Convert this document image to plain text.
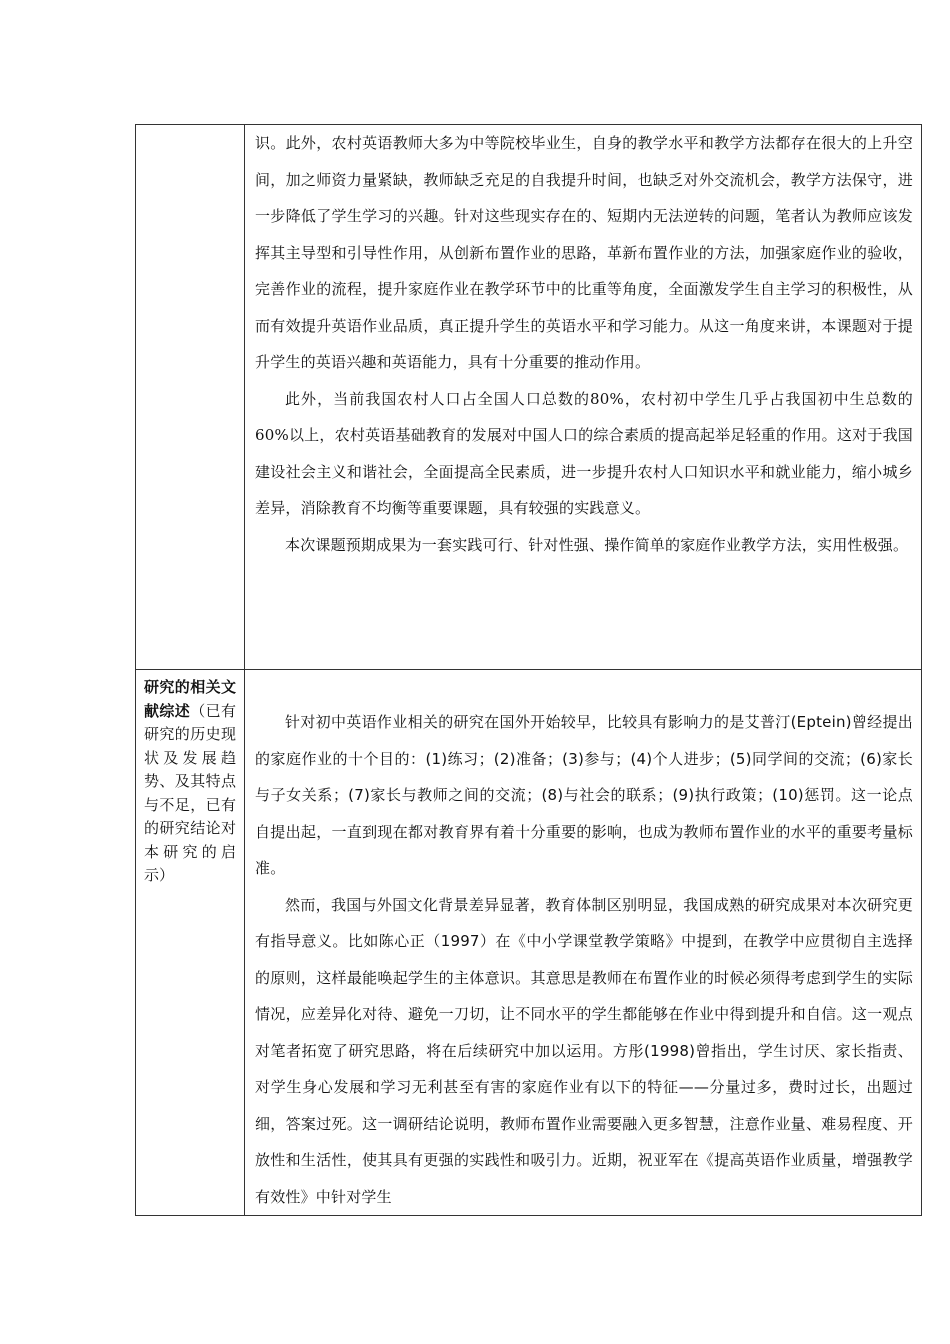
	识。此外，农村英语教师大多为中等院校毕业生，自身的教学水平和教学方法都存在很大的上升空间，加之师资力量紧缺，教师缺乏充足的自我提升时间，也缺乏对外交流机会，教学方法保守，进一步降低了学生学习的兴趣。针对这些现实存在的、短期内无法逆转的问题，笔者认为教师应该发挥其主导型和引导性作用，从创新布置作业的思路，革新布置作业的方法，加强家庭作业的验收，完善作业的流程，提升家庭作业在教学环节中的比重等角度，全面激发学生自主学习的积极性，从而有效提升英语作业品质，真正提升学生的英语水平和学习能力。从这一角度来讲，本课题对于提升学生的英语兴趣和英语能力，具有十分重要的推动作用。

此外，当前我国农村人口占全国人口总数的80%，农村初中学生几乎占我国初中生总数的60%以上，农村英语基础教育的发展对中国人口的综合素质的提高起举足轻重的作用。这对于我国建设社会主义和谐社会，全面提高全民素质，进一步提升农村人口知识水平和就业能力，缩小城乡差异，消除教育不均衡等重要课题，具有较强的实践意义。

本次课题预期成果为一套实践可行、针对性强、操作简单的家庭作业教学方法，实用性极强。

研究的相关文献综述（已有研究的历史现状及发展趋势、及其特点与不足，已有的研究结论对本研究的启示）	针对初中英语作业相关的研究在国外开始较早，比较具有影响力的是艾普汀(Eptein)曾经提出的家庭作业的十个目的：(1)练习；(2)准备；(3)参与；(4)个人进步；(5)同学间的交流；(6)家长与子女关系；(7)家长与教师之间的交流；(8)与社会的联系；(9)执行政策；(10)惩罚。这一论点自提出起，一直到现在都对教育界有着十分重要的影响，也成为教师布置作业的水平的重要考量标准。

然而，我国与外国文化背景差异显著，教育体制区别明显，我国成熟的研究成果对本次研究更有指导意义。比如陈心正（1997）在《中小学课堂教学策略》中提到，在教学中应贯彻自主选择的原则，这样最能唤起学生的主体意识。其意思是教师在布置作业的时候必须得考虑到学生的实际情况，应差异化对待、避免一刀切，让不同水平的学生都能够在作业中得到提升和自信。这一观点对笔者拓宽了研究思路，将在后续研究中加以运用。方彤(1998)曾指出，学生讨厌、家长指责、对学生身心发展和学习无利甚至有害的家庭作业有以下的特征——分量过多，费时过长，出题过细，答案过死。这一调研结论说明，教师布置作业需要融入更多智慧，注意作业量、难易程度、开放性和生活性，使其具有更强的实践性和吸引力。近期，祝亚军在《提高英语作业质量，增强教学有效性》中针对学生
